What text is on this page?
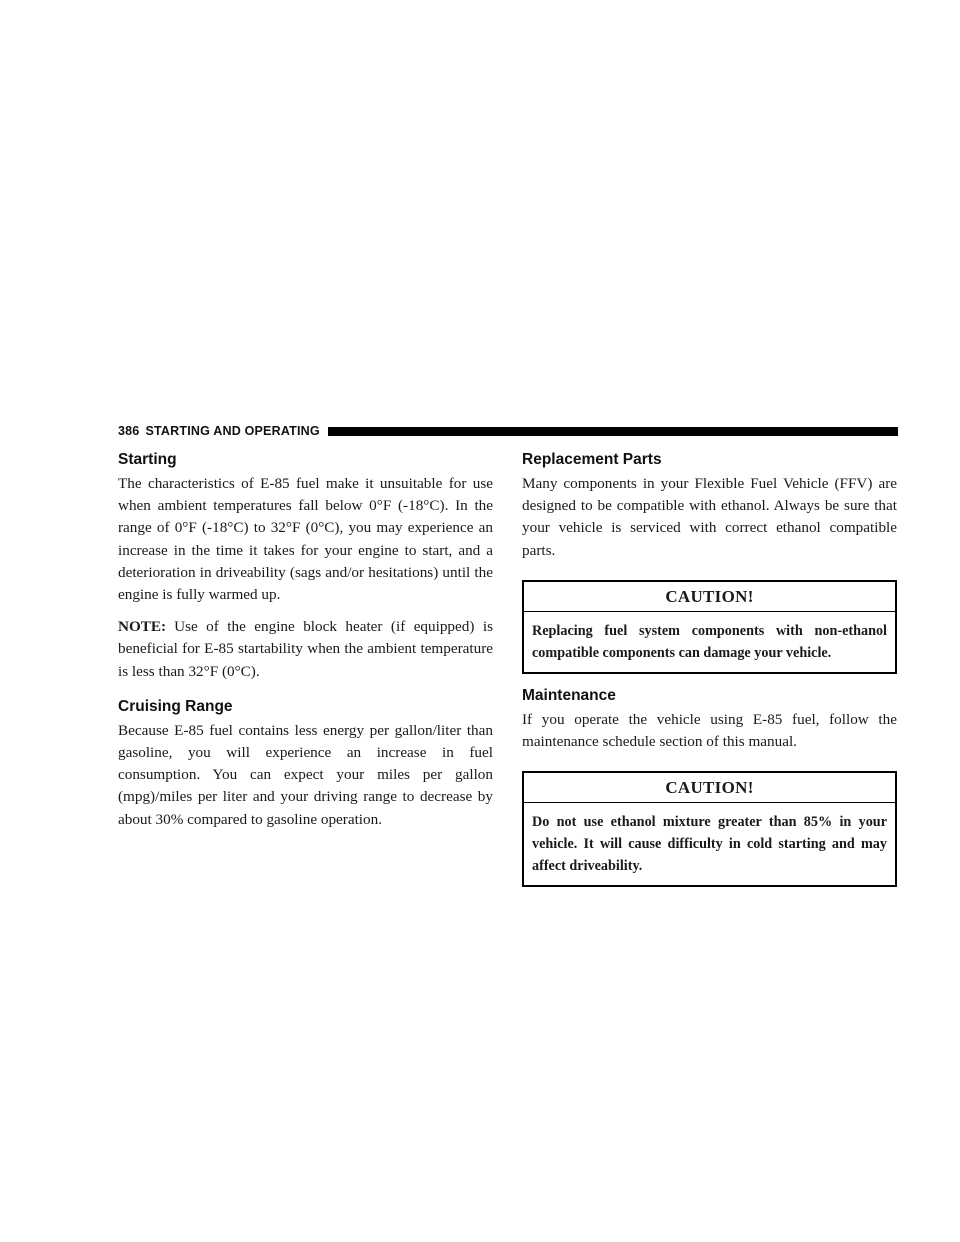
386 STARTING AND OPERATING
Starting

The characteristics of E-85 fuel make it unsuitable for use when ambient temperatures fall below 0°F (-18°C). In the range of 0°F (-18°C) to 32°F (0°C), you may experience an increase in the time it takes for your engine to start, and a deterioration in driveability (sags and/or hesitations) until the engine is fully warmed up.

NOTE: Use of the engine block heater (if equipped) is beneficial for E-85 startability when the ambient temperature is less than 32°F (0°C).

Cruising Range

Because E-85 fuel contains less energy per gallon/liter than gasoline, you will experience an increase in fuel consumption. You can expect your miles per gallon (mpg)/miles per liter and your driving range to decrease by about 30% compared to gasoline operation.

Replacement Parts

Many components in your Flexible Fuel Vehicle (FFV) are designed to be compatible with ethanol. Always be sure that your vehicle is serviced with correct ethanol compatible parts.

CAUTION!
Replacing fuel system components with non-ethanol compatible components can damage your vehicle.
Maintenance

If you operate the vehicle using E-85 fuel, follow the maintenance schedule section of this manual.

CAUTION!
Do not use ethanol mixture greater than 85% in your vehicle. It will cause difficulty in cold starting and may affect driveability.
